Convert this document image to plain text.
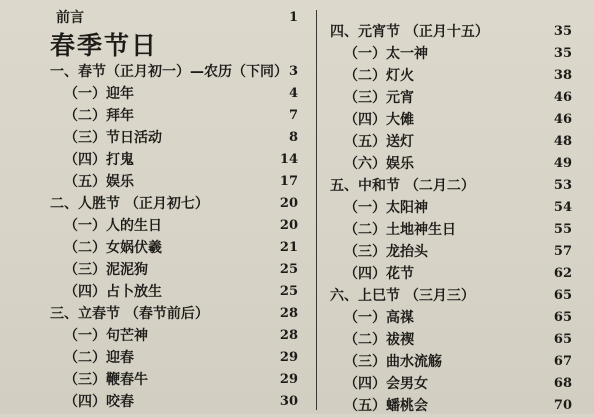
前言	1
春季节日
一、春节（正月初一）—农历（下同） 3
（一）迎年	4
（二）拜年	7
（三）节日活动	8
（四）打鬼	14
（五）娱乐	17
二、人胜节 （正月初七）	20
（一）人的生日	20
（二）女娲伏羲	21
（三）泥泥狗	25
（四）占卜放生	25
三、立春节 （春节前后）	28
（一）句芒神	28
（二）迎春	29
（三）鞭春牛	29
（四）咬春	30
四、元宵节 （正月十五）	35
（一）太一神	35
（二）灯火	38
（三）元宵	46
（四）大傩	46
（五）送灯	48
（六）娱乐	49
五、中和节 （二月二）	53
（一）太阳神	54
（二）土地神生日	55
（三）龙抬头	57
（四）花节	62
六、上巳节 （三月三）	65
（一）高禖	65
（二）祓禊	65
（三）曲水流觞	67
（四）会男女	68
（五）蟠桃会	70
